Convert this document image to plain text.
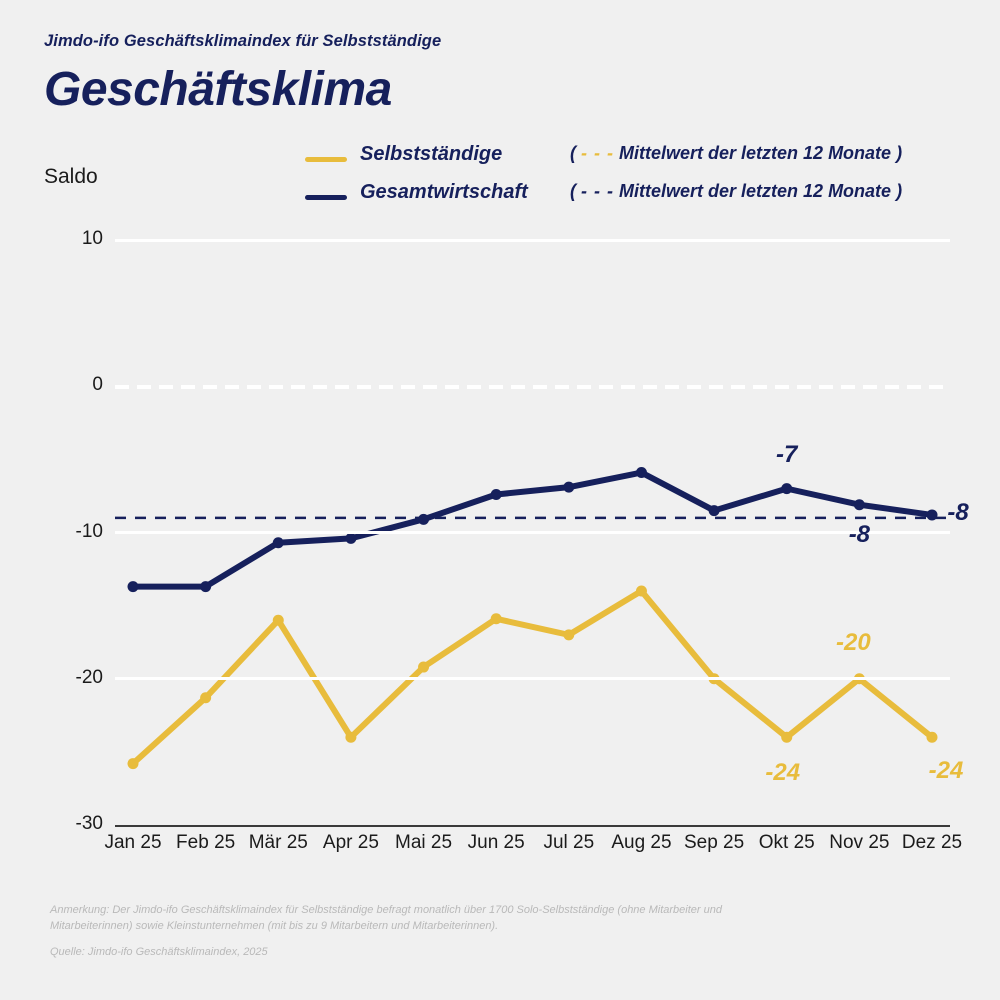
Jimdo-ifo Geschäftsklimaindex für Selbstständige
Geschäftsklima
Saldo
Selbstständige	( - - - Mittelwert der letzten 12 Monate )
Gesamtwirtschaft ( - - - Mittelwert der letzten 12 Monate )
10
0
-10
-20
-30
Jan 25 Feb 25 Mär 25 Apr 25 Mai 25 Jun 25 Jul 25 Aug 25 Sep 25 Okt 25 Nov 25 Dez 25
-24
-20
-24
-7
-8
-8
Anmerkung: Der Jimdo-ifo Geschäftsklimaindex für Selbstständige befragt monatlich über 1700 Solo-Selbstständige (ohne Mitarbeiter und Mitarbeiterinnen) sowie Kleinstunternehmen (mit bis zu 9 Mitarbeitern und Mitarbeiterinnen).
Quelle: Jimdo-ifo Geschäftsklimaindex, 2025
